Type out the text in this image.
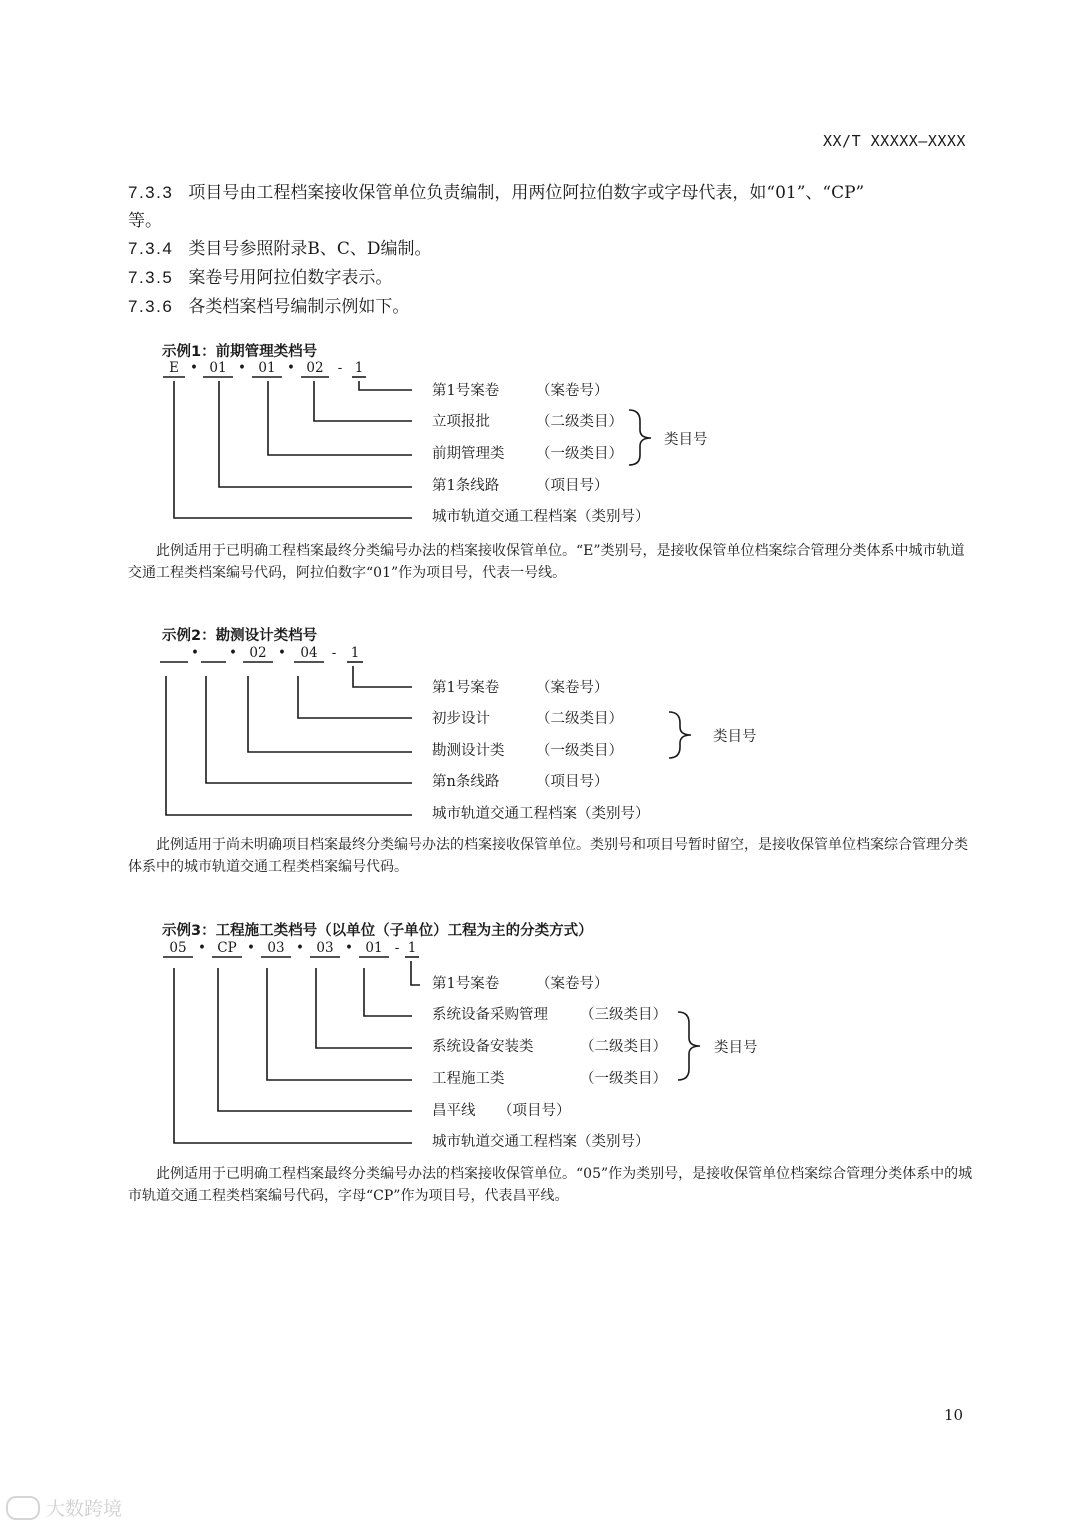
XX/T XXXXX—XXXX
7.3.3 项目号由工程档案接收保管单位负责编制，用两位阿拉伯数字或字母代表，如“01”、“CP”
等。
7.3.4 类目号参照附录B、C、D编制。
7.3.5 案卷号用阿拉伯数字表示。
7.3.6 各类档案档号编制示例如下。
示例1：前期管理类档号
E • 01 • 01 • 02	- 1
第1号案卷	（案卷号）
立项报批	（二级类目）
前期管理类 （一级类目）
第1条线路	（项目号）
城市轨道交通工程档案（类别号）
类目号
此例适用于已明确工程档案最终分类编号办法的档案接收保管单位。“E”类别号，是接收保管单位档案综合管理分类体系中城市轨道交通工程类档案编号代码，阿拉伯数字“01”作为项目号，代表一号线。
示例2：勘测设计类档号
• • 02 •	04	-	1
第1号案卷	（案卷号）
初步设计	（二级类目）
勘测设计类 （一级类目）
第n条线路	（项目号）
城市轨道交通工程档案（类别号）
类目号
此例适用于尚未明确项目档案最终分类编号办法的档案接收保管单位。类别号和项目号暂时留空，是接收保管单位档案综合管理分类体系中的城市轨道交通工程类档案编号代码。
示例3：工程施工类档号（以单位（子单位）工程为主的分类方式）
05 • CP • 03 • 03 • 01 - 1
第1号案卷	（案卷号）
系统设备采购管理 （三级类目）
系统设备安装类	（二级类目）
工程施工类	（一级类目）
昌平线 （项目号）
城市轨道交通工程档案（类别号）
类目号
此例适用于已明确工程档案最终分类编号办法的档案接收保管单位。“05”作为类别号，是接收保管单位档案综合管理分类体系中的城市轨道交通工程类档案编号代码，字母“CP”作为项目号，代表昌平线。
10
大数跨境
